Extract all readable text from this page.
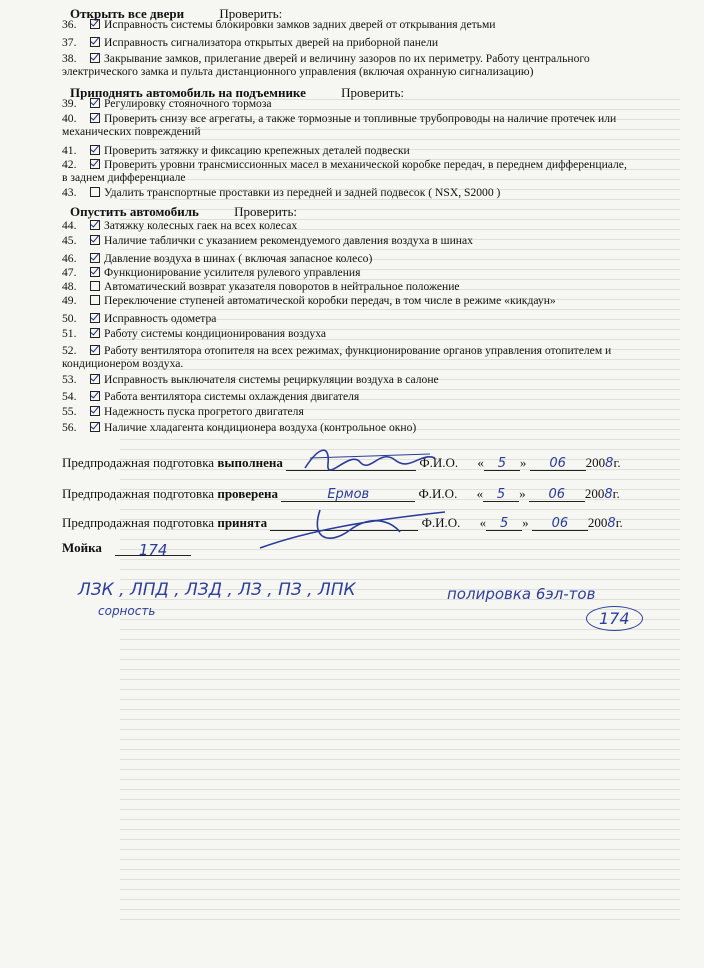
Открыть все двери	Проверить:
Приподнять автомобиль на подъемнике	Проверить:
Опустить автомобиль	Проверить:
36. Исправность системы блокировки замков задних дверей от открывания детьми
37. Исправность сигнализатора открытых дверей на приборной панели
38. Закрывание замков, прилегание дверей и величину зазоров по их периметру. Работу центрального
электрического замка и пульта дистанционного управления (включая охранную сигнализацию)
39. Регулировку стояночного тормоза
40. Проверить снизу все агрегаты, а также тормозные и топливные трубопроводы на наличие протечек или
механических повреждений
41. Проверить затяжку и фиксацию крепежных деталей подвески
42. Проверить уровни трансмиссионных масел в механической коробке передач, в переднем дифференциале,
в заднем дифференциале
43. Удалить транспортные проставки из передней и задней подвесок ( NSX, S2000 )
44. Затяжку колесных гаек на всех колесах
45. Наличие таблички с указанием рекомендуемого давления воздуха в шинах
46. Давление воздуха в шинах ( включая запасное колесо)
47. Функционирование усилителя рулевого управления
48. Автоматический возврат указателя поворотов в нейтральное положение
49. Переключение ступеней автоматической коробки передач, в том числе в режиме «кикдаун»
50. Исправность одометра
51. Работу системы кондиционирования воздуха
52. Работу вентилятора отопителя на всех режимах, функционирование органов управления отопителем и
кондиционером воздуха.
53. Исправность выключателя системы рециркуляции воздуха в салоне
54. Работа вентилятора системы охлаждения двигателя
55. Надежность пуска прогретого двигателя
56. Наличие хладагента кондиционера воздуха (контрольное окно)
Предпродажная подготовка выполнена	Ф.И.О. « 5 » 06 2008г.
Предпродажная подготовка проверена	Ермов	Ф.И.О. « 5 » 06 2008г.
Предпродажная подготовка принята	Ф.И.О. « 5 » 06 2008г.
Мойка 174
ЛЗК , ЛПД , ЛЗД , ЛЗ , ПЗ , ЛПК
сорность
полировка 6эл-тов
174
